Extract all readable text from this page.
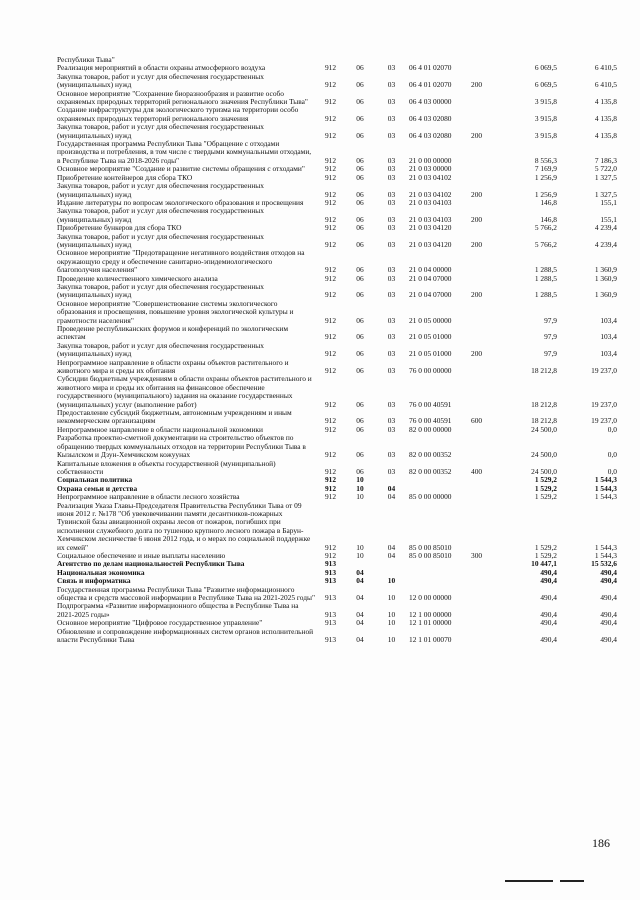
Республики Тыва"							
Реализация мероприятий в области охраны атмосферного воздуха	912	06	03	06 4 01 02070		6 069,5	6 410,5
Закупка товаров, работ и услуг для обеспечения государственных (муниципальных) нужд	912	06	03	06 4 01 02070	200	6 069,5	6 410,5
Основное мероприятие "Сохранение биоразнообразия и развитие особо охраняемых природных территорий регионального значения Республики Тыва"	912	06	03	06 4 03 00000		3 915,8	4 135,8
Создание инфраструктуры для экологического туризма на территории особо охраняемых природных территорий регионального значения	912	06	03	06 4 03 02080		3 915,8	4 135,8
Закупка товаров, работ и услуг для обеспечения государственных (муниципальных) нужд	912	06	03	06 4 03 02080	200	3 915,8	4 135,8
Государственная программа Республики Тыва "Обращение с отходами производства и потребления, в том числе с твердыми коммунальными отходами, в Республике Тыва на 2018-2026 годы"	912	06	03	21 0 00 00000		8 556,3	7 186,3
Основное мероприятие "Создание и развитие системы обращения с отходами"	912	06	03	21 0 03 00000		7 169,9	5 722,0
Приобретение контейнеров для сбора ТКО	912	06	03	21 0 03 04102		1 256,9	1 327,5
Закупка товаров, работ и услуг для обеспечения государственных (муниципальных) нужд	912	06	03	21 0 03 04102	200	1 256,9	1 327,5
Издание литературы по вопросам экологического образования и просвещения	912	06	03	21 0 03 04103		146,8	155,1
Закупка товаров, работ и услуг для обеспечения государственных (муниципальных) нужд	912	06	03	21 0 03 04103	200	146,8	155,1
Приобретение бункеров для сбора ТКО	912	06	03	21 0 03 04120		5 766,2	4 239,4
Закупка товаров, работ и услуг для обеспечения государственных (муниципальных) нужд	912	06	03	21 0 03 04120	200	5 766,2	4 239,4
Основное мероприятие "Предотвращение негативного воздействия отходов на окружающую среду и обеспечение санитарно-эпидемиологического благополучия населения"	912	06	03	21 0 04 00000		1 288,5	1 360,9
Проведение количественного химического анализа	912	06	03	21 0 04 07000		1 288,5	1 360,9
Закупка товаров, работ и услуг для обеспечения государственных (муниципальных) нужд	912	06	03	21 0 04 07000	200	1 288,5	1 360,9
Основное мероприятие "Совершенствование системы экологического образования и просвещения, повышение уровня экологической культуры и грамотности населения"	912	06	03	21 0 05 00000		97,9	103,4
Проведение республиканских форумов и конференций по экологическим аспектам	912	06	03	21 0 05 01000		97,9	103,4
Закупка товаров, работ и услуг для обеспечения государственных (муниципальных) нужд	912	06	03	21 0 05 01000	200	97,9	103,4
Непрограммное направление в области охраны объектов растительного и животного мира и среды их обитания	912	06	03	76 0 00 00000		18 212,8	19 237,0
Субсидии бюджетным учреждениям в области охраны объектов растительного и животного мира и среды их обитания на финансовое обеспечение государственного (муниципального) задания на оказание государственных (муниципальных) услуг (выполнение работ)	912	06	03	76 0 00 40591		18 212,8	19 237,0
Предоставление субсидий бюджетным, автономным учреждениям и иным некоммерческим организациям	912	06	03	76 0 00 40591	600	18 212,8	19 237,0
Непрограммное направление в области национальной экономики	912	06	03	82 0 00 00000		24 500,0	0,0
Разработка проектно-сметной документации на строительство объектов по обращению твердых коммунальных отходов на территории Республики Тыва в Кызылском и Дзун-Хемчикском кожуунах	912	06	03	82 0 00 00352		24 500,0	0,0
Капитальные вложения в объекты государственной (муниципальной) собственности	912	06	03	82 0 00 00352	400	24 500,0	0,0
Социальная политика	912	10				1 529,2	1 544,3
Охрана семьи и детства	912	10	04			1 529,2	1 544,3
Непрограммное направление в области лесного хозяйства	912	10	04	85 0 00 00000		1 529,2	1 544,3
Реализация Указа Главы-Председателя Правительства Республики Тыва от 09 июня 2012 г. №178 "Об увековечивании памяти десантников-пожарных Тувинской базы авиационной охраны лесов от пожаров, погибших при исполнении служебного долга по тушению крупного лесного пожара в Барун-Хемчикском лесничестве 6 июня 2012 года, и о мерах по социальной поддержке их семей"	912	10	04	85 0 00 85010		1 529,2	1 544,3
Социальное обеспечение и иные выплаты населению	912	10	04	85 0 00 85010	300	1 529,2	1 544,3
Агентство по делам национальностей Республики Тыва	913					10 447,1	15 532,6
Национальная экономика	913	04				490,4	490,4
Связь и информатика	913	04	10			490,4	490,4
Государственная программа Республики Тыва "Развитие информационного общества и средств массовой информации в Республике Тыва на 2021-2025 годы"	913	04	10	12 0 00 00000		490,4	490,4
Подпрограмма «Развитие информационного общества в Республике Тыва на 2021-2025 годы»	913	04	10	12 1 00 00000		490,4	490,4
Основное мероприятие "Цифровое государственное управление"	913	04	10	12 1 01 00000		490,4	490,4
Обновление и сопровождение информационных систем органов исполнительной власти Республики Тыва	913	04	10	12 1 01 00070		490,4	490,4
186
